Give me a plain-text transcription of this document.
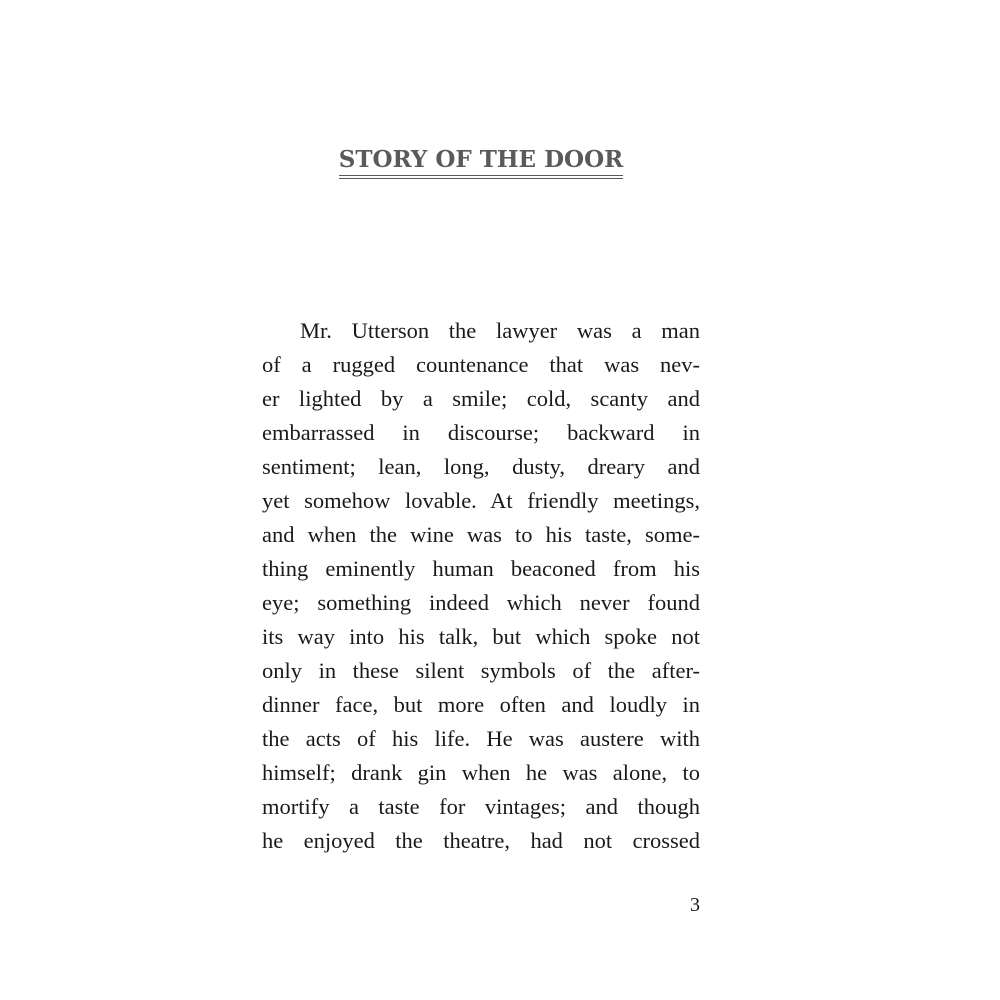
STORY OF THE DOOR
Mr. Utterson the lawyer was a man
of a rugged countenance that was nev-
er lighted by a smile; cold, scanty and
embarrassed in discourse; backward in
sentiment; lean, long, dusty, dreary and
yet somehow lovable. At friendly meetings,
and when the wine was to his taste, some-
thing eminently human beaconed from his
eye; something indeed which never found
its way into his talk, but which spoke not
only in these silent symbols of the after-
dinner face, but more often and loudly in
the acts of his life. He was austere with
himself; drank gin when he was alone, to
mortify a taste for vintages; and though
he enjoyed the theatre, had not crossed

3
